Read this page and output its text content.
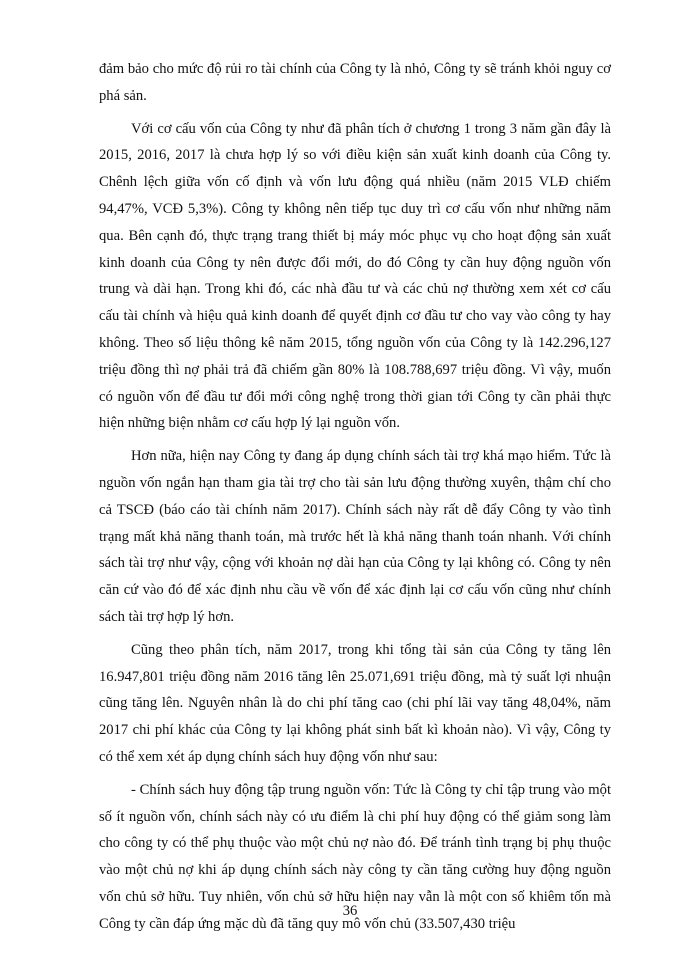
đảm bảo cho mức độ rủi ro tài chính của Công ty là nhỏ, Công ty sẽ tránh khỏi nguy cơ phá sản.

Với cơ cấu vốn của Công ty như đã phân tích ở chương 1 trong 3 năm gần đây là 2015, 2016, 2017 là chưa hợp lý so với điều kiện sản xuất kinh doanh của Công ty. Chênh lệch giữa vốn cố định và vốn lưu động quá nhiều (năm 2015 VLĐ chiếm 94,47%, VCĐ 5,3%). Công ty không nên tiếp tục duy trì cơ cấu vốn như những năm qua. Bên cạnh đó, thực trạng trang thiết bị máy móc phục vụ cho hoạt động sản xuất kinh doanh của Công ty nên được đổi mới, do đó Công ty cần huy động nguồn vốn trung và dài hạn. Trong khi đó, các nhà đầu tư và các chủ nợ thường xem xét cơ cấu cấu tài chính và hiệu quả kinh doanh để quyết định cơ đầu tư cho vay vào công ty hay không. Theo số liệu thông kê năm 2015, tổng nguồn vốn của Công ty là 142.296,127 triệu đồng thì nợ phải trả đã chiếm gần 80% là 108.788,697 triệu đồng. Vì vậy, muốn có nguồn vốn để đầu tư đổi mới công nghệ trong thời gian tới Công ty cần phải thực hiện những biện nhằm cơ cấu hợp lý lại nguồn vốn.

Hơn nữa, hiện nay Công ty đang áp dụng chính sách tài trợ khá mạo hiểm. Tức là nguồn vốn ngắn hạn tham gia tài trợ cho tài sản lưu động thường xuyên, thậm chí cho cả TSCĐ (báo cáo tài chính năm 2017). Chính sách này rất dễ đẩy Công ty vào tình trạng mất khả năng thanh toán, mà trước hết là khả năng thanh toán nhanh. Với chính sách tài trợ như vậy, cộng với khoản nợ dài hạn của Công ty lại không có. Công ty nên căn cứ vào đó để xác định nhu cầu về vốn để xác định lại cơ cấu vốn cũng như chính sách tài trợ hợp lý hơn.

Cũng theo phân tích, năm 2017, trong khi tổng tài sản của Công ty tăng lên 16.947,801 triệu đồng năm 2016 tăng lên 25.071,691 triệu đồng, mà tỷ suất lợi nhuận cũng tăng lên. Nguyên nhân là do chi phí tăng cao (chi phí lãi vay tăng 48,04%, năm 2017 chi phí khác của Công ty lại không phát sinh bất kì khoản nào). Vì vậy, Công ty có thể xem xét áp dụng chính sách huy động vốn như sau:

- Chính sách huy động tập trung nguồn vốn: Tức là Công ty chỉ tập trung vào một số ít nguồn vốn, chính sách này có ưu điểm là chi phí huy động có thể giảm song làm cho công ty có thể phụ thuộc vào một chủ nợ nào đó. Để tránh tình trạng bị phụ thuộc vào một chủ nợ khi áp dụng chính sách này công ty cần tăng cường huy động nguồn vốn chủ sở hữu. Tuy nhiên, vốn chủ sở hữu hiện nay vẫn là một con số khiêm tốn mà Công ty cần đáp ứng mặc dù đã tăng quy mô vốn chủ (33.507,430 triệu

36
